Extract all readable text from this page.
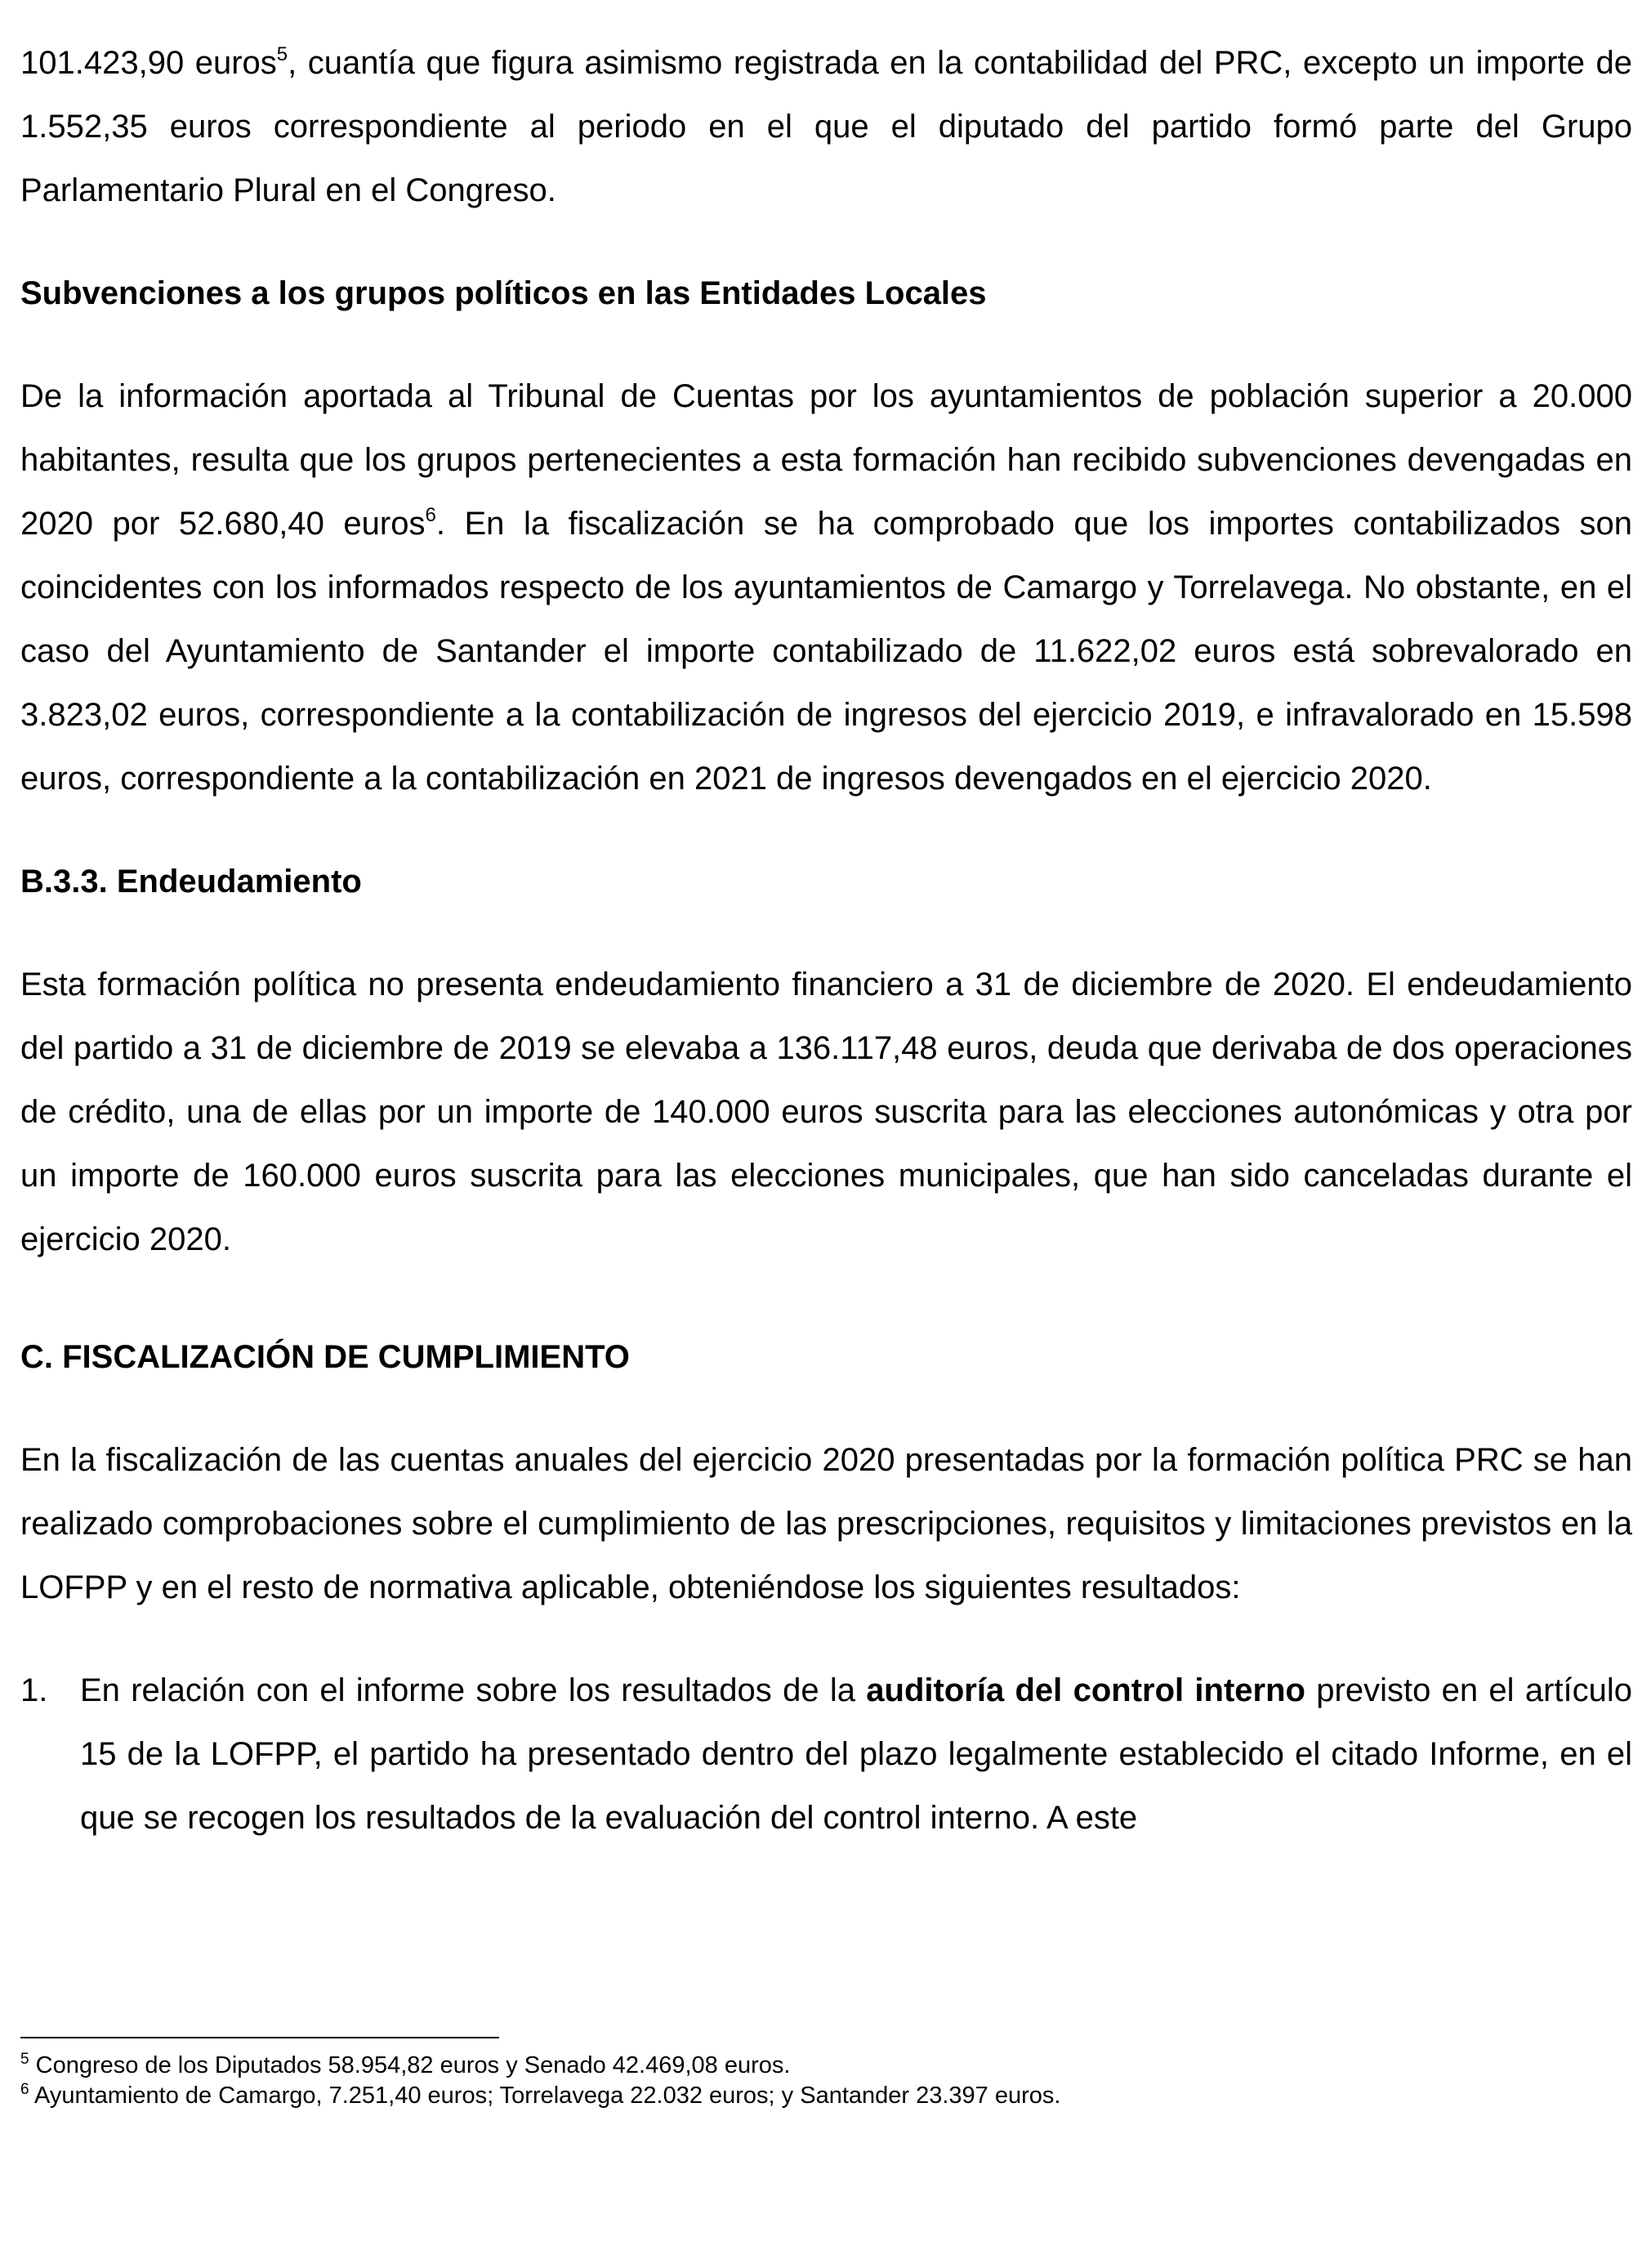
101.423,90 euros$^5$, cuantía que figura asimismo registrada en la contabilidad del PRC, excepto un importe de 1.552,35 euros correspondiente al periodo en el que el diputado del partido formó parte del Grupo Parlamentario Plural en el Congreso.

Subvenciones a los grupos políticos en las Entidades Locales

De la información aportada al Tribunal de Cuentas por los ayuntamientos de población superior a 20.000 habitantes, resulta que los grupos pertenecientes a esta formación han recibido subvenciones devengadas en 2020 por 52.680,40 euros$^6$. En la fiscalización se ha comprobado que los importes contabilizados son coincidentes con los informados respecto de los ayuntamientos de Camargo y Torrelavega. No obstante, en el caso del Ayuntamiento de Santander el importe contabilizado de 11.622,02 euros está sobrevalorado en 3.823,02 euros, correspondiente a la contabilización de ingresos del ejercicio 2019, e infravalorado en 15.598 euros, correspondiente a la contabilización en 2021 de ingresos devengados en el ejercicio 2020.

B.3.3. Endeudamiento

Esta formación política no presenta endeudamiento financiero a 31 de diciembre de 2020. El endeudamiento del partido a 31 de diciembre de 2019 se elevaba a 136.117,48 euros, deuda que derivaba de dos operaciones de crédito, una de ellas por un importe de 140.000 euros suscrita para las elecciones autonómicas y otra por un importe de 160.000 euros suscrita para las elecciones municipales, que han sido canceladas durante el ejercicio 2020.

C. FISCALIZACIÓN DE CUMPLIMIENTO

En la fiscalización de las cuentas anuales del ejercicio 2020 presentadas por la formación política PRC se han realizado comprobaciones sobre el cumplimiento de las prescripciones, requisitos y limitaciones previstos en la LOFPP y en el resto de normativa aplicable, obteniéndose los siguientes resultados:

1. En relación con el informe sobre los resultados de la auditoría del control interno previsto en el artículo 15 de la LOFPP, el partido ha presentado dentro del plazo legalmente establecido el citado Informe, en el que se recogen los resultados de la evaluación del control interno. A este

$^5$ Congreso de los Diputados 58.954,82 euros y Senado 42.469,08 euros.
$^6$ Ayuntamiento de Camargo, 7.251,40 euros; Torrelavega 22.032 euros; y Santander 23.397 euros.
